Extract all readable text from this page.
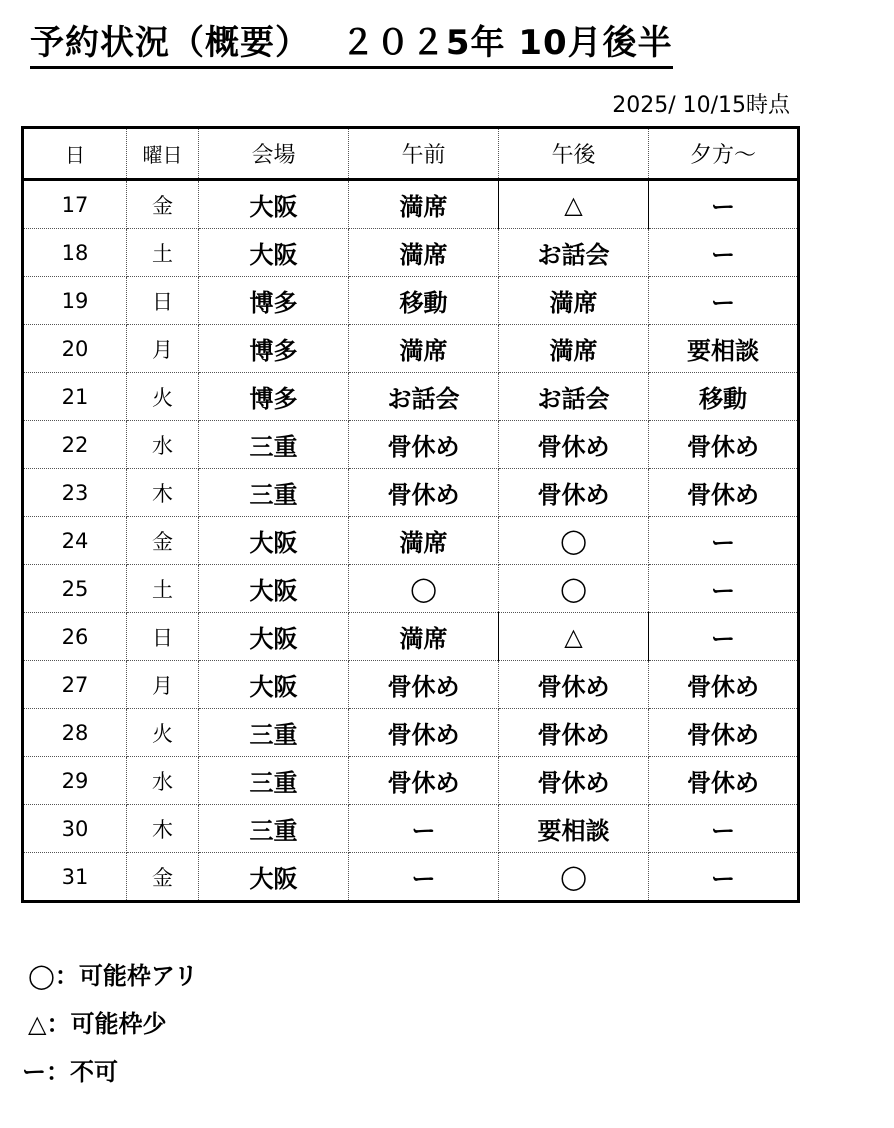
予約状況（概要）　 ２０２5年 10月後半
2025/ 10/15時点
日	曜日	会場	午前	午後	夕方～
17	金	大阪	満席	△	ー
18	土	大阪	満席	お話会	ー
19	日	博多	移動	満席	ー
20	月	博多	満席	満席	要相談
21	火	博多	お話会	お話会	移動
22	水	三重	骨休め	骨休め	骨休め
23	木	三重	骨休め	骨休め	骨休め
24	金	大阪	満席	◯	ー
25	土	大阪	◯	◯	ー
26	日	大阪	満席	△	ー
27	月	大阪	骨休め	骨休め	骨休め
28	火	三重	骨休め	骨休め	骨休め
29	水	三重	骨休め	骨休め	骨休め
30	木	三重	ー	要相談	ー
31	金	大阪	ー	◯	ー
◯：可能枠アリ
△：可能枠少
ー：不可
